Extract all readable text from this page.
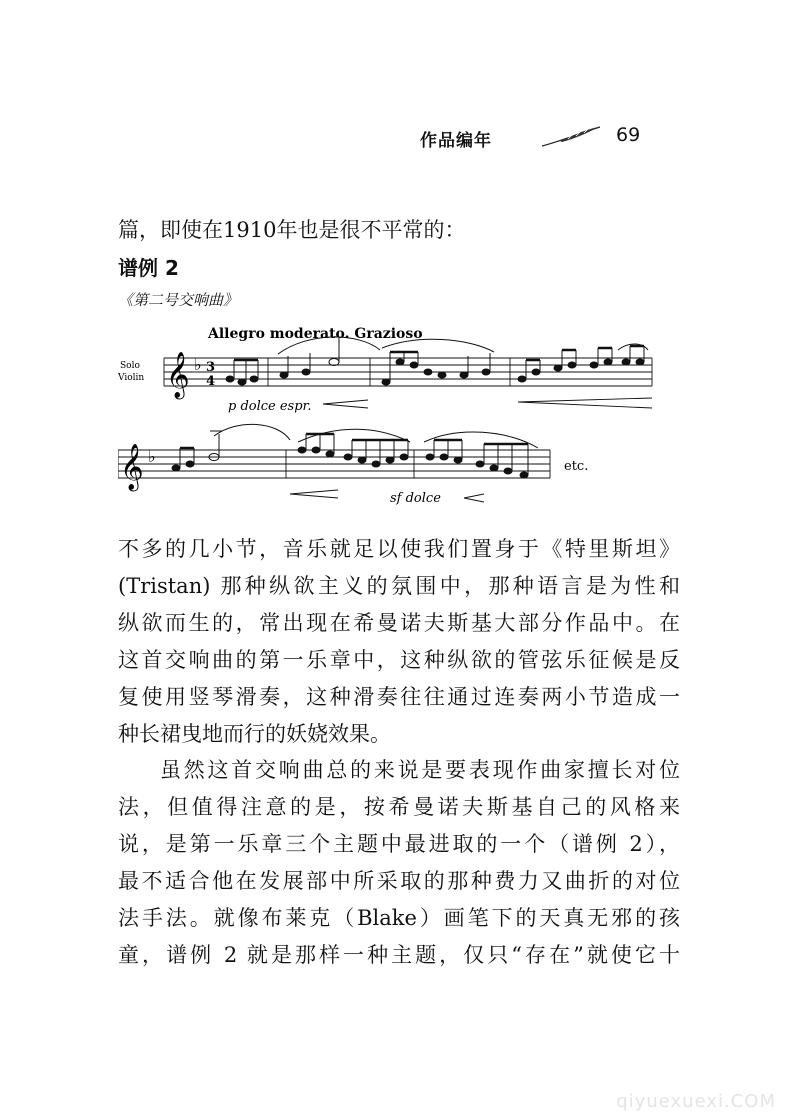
作品编年	69
篇，即使在1910年也是很不平常的：
谱例 2
《第二号交响曲》
Allegro moderato. Grazioso
Solo
Violin 𝄞 ♭ 3
4
p dolce espr.
𝄞 ♭
etc.
sf dolce
不多的几小节，音乐就足以使我们置身于《特里斯坦》
(Tristan) 那种纵欲主义的氛围中，那种语言是为性和
纵欲而生的，常出现在希曼诺夫斯基大部分作品中。在
这首交响曲的第一乐章中，这种纵欲的管弦乐征候是反
复使用竖琴滑奏，这种滑奏往往通过连奏两小节造成一
种长裙曳地而行的妖娆效果。
虽然这首交响曲总的来说是要表现作曲家擅长对位
法，但值得注意的是，按希曼诺夫斯基自己的风格来
说，是第一乐章三个主题中最进取的一个（谱例 2），
最不适合他在发展部中所采取的那种费力又曲折的对位
法手法。就像布莱克（Blake）画笔下的天真无邪的孩
童，谱例 2 就是那样一种主题，仅只“存在”就使它十
qiyuexuexi.COM
